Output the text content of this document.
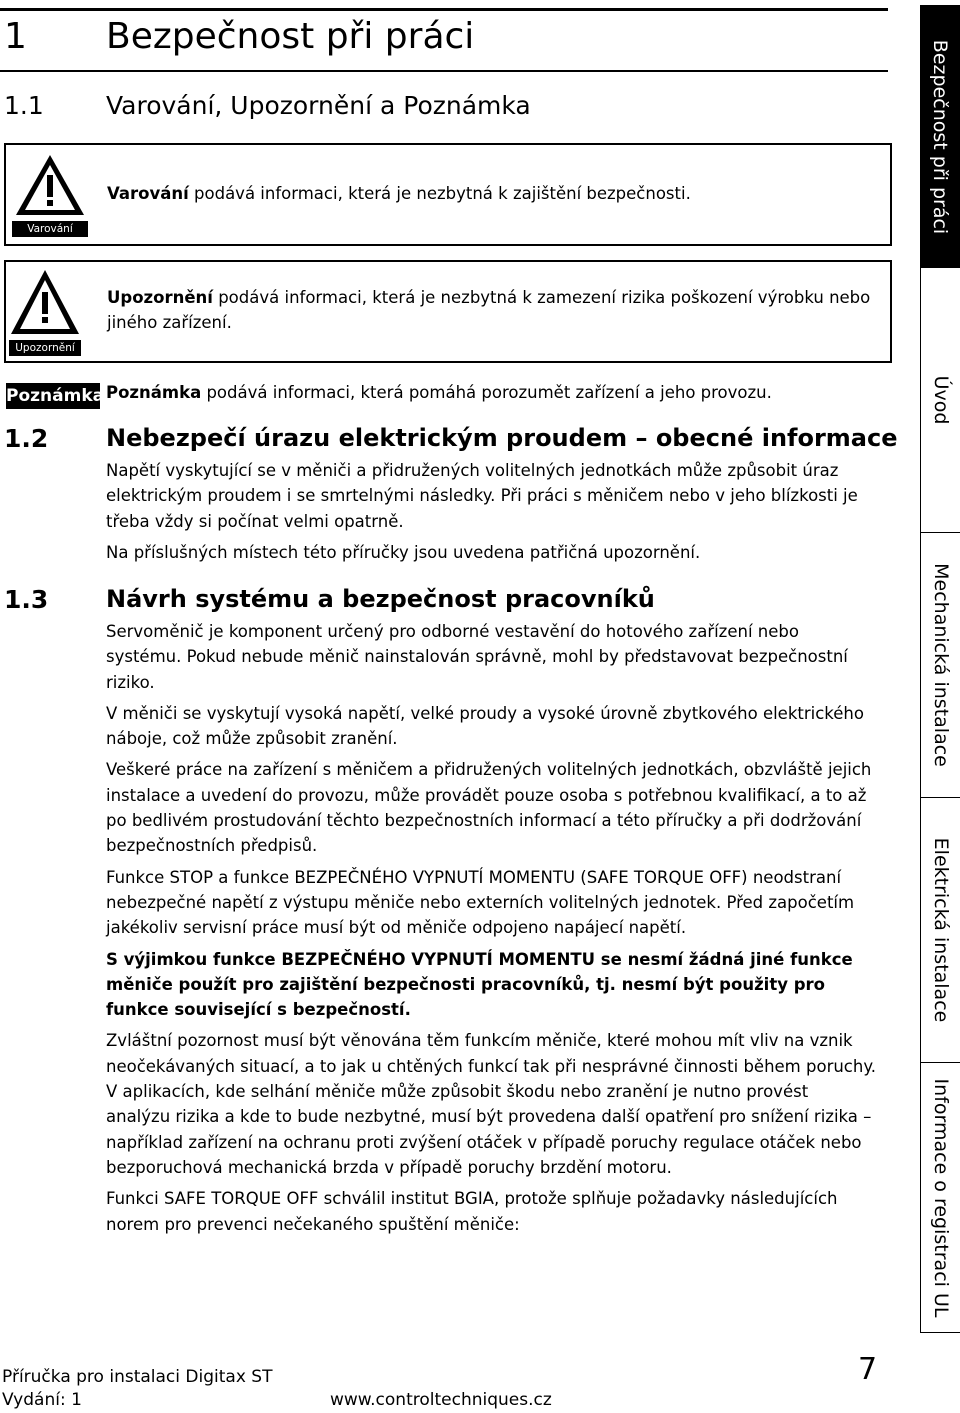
1 Bezpečnost při práci
1.1 Varování, Upozornění a Poznámka
Varování
Varování podává informaci, která je nezbytná k zajištění bezpečnosti.
Upozornění
Upozornění podává informaci, která je nezbytná k zamezení rizika poškození výrobku nebo jiného zařízení.
Poznámka Poznámka podává informaci, která pomáhá porozumět zařízení a jeho provozu.
1.2 Nebezpečí úrazu elektrickým proudem – obecné informace

Napětí vyskytující se v měniči a přidružených volitelných jednotkách může způsobit úraz elektrickým proudem i se smrtelnými následky. Při práci s měničem nebo v jeho blízkosti je třeba vždy si počínat velmi opatrně.

Na příslušných místech této příručky jsou uvedena patřičná upozornění.

1.3 Návrh systému a bezpečnost pracovníků

Servoměnič je komponent určený pro odborné vestavění do hotového zařízení nebo systému. Pokud nebude měnič nainstalován správně, mohl by představovat bezpečnostní riziko.

V měniči se vyskytují vysoká napětí, velké proudy a vysoké úrovně zbytkového elektrického náboje, což může způsobit zranění.

Veškeré práce na zařízení s měničem a přidružených volitelných jednotkách, obzvláště jejich instalace a uvedení do provozu, může provádět pouze osoba s potřebnou kvalifikací, a to až po bedlivém prostudování těchto bezpečnostních informací a této příručky a při dodržování bezpečnostních předpisů.

Funkce STOP a funkce BEZPEČNÉHO VYPNUTÍ MOMENTU (SAFE TORQUE OFF) neodstraní nebezpečné napětí z výstupu měniče nebo externích volitelných jednotek. Před započetím jakékoliv servisní práce musí být od měniče odpojeno napájecí napětí.

S výjimkou funkce BEZPEČNÉHO VYPNUTÍ MOMENTU se nesmí žádná jiné funkce měniče použít pro zajištění bezpečnosti pracovníků, tj. nesmí být použity pro funkce související s bezpečností.

Zvláštní pozornost musí být věnována těm funkcím měniče, které mohou mít vliv na vznik neočekávaných situací, a to jak u chtěných funkcí tak při nesprávné činnosti během poruchy.

V aplikacích, kde selhání měniče může způsobit škodu nebo zranění je nutno provést analýzu rizika a kde to bude nezbytné, musí být provedena další opatření pro snížení rizika – například zařízení na ochranu proti zvýšení otáček v případě poruchy regulace otáček nebo bezporuchová mechanická brzda v případě poruchy brzdění motoru.

Funkci SAFE TORQUE OFF schválil institut BGIA, protože splňuje požadavky následujících norem pro prevenci nečekaného spuštění měniče:

Bezpečnost při práci
Úvod
Mechanická instalace
Elektrická instalace
Informace o registraci UL
Příručka pro instalaci Digitax ST	7
Vydání: 1	www.controltechniques.cz
